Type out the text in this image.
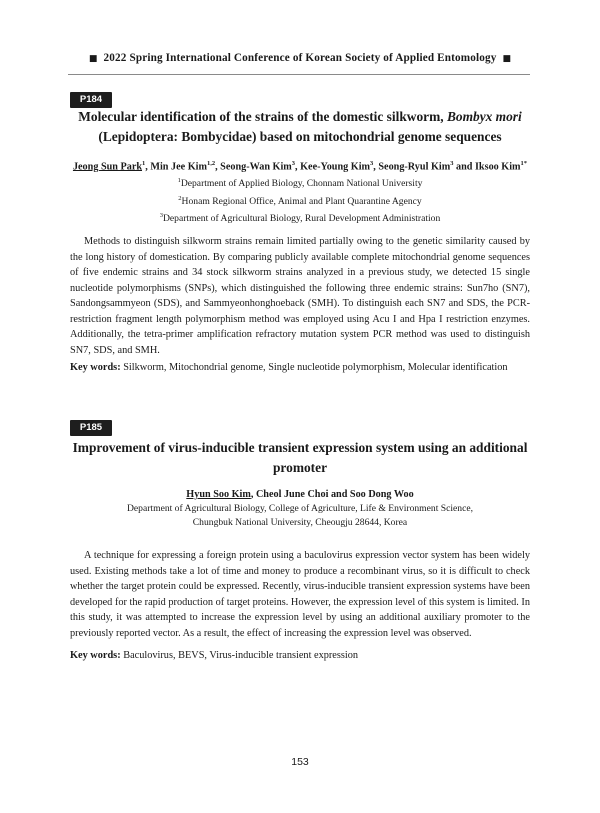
■ 2022 Spring International Conference of Korean Society of Applied Entomology ■
P184
Molecular identification of the strains of the domestic silkworm, Bombyx mori
(Lepidoptera: Bombycidae) based on mitochondrial genome sequences
Jeong Sun Park$^1$, Min Jee Kim$^{1,2}$, Seong-Wan Kim$^3$, Kee-Young Kim$^3$, Seong-Ryul Kim$^3$ and Iksoo Kim$^{1*}$
$^1$Department of Applied Biology, Chonnam National University
$^2$Honam Regional Office, Animal and Plant Quarantine Agency
$^3$Department of Agricultural Biology, Rural Development Administration
Methods to distinguish silkworm strains remain limited partially owing to the genetic similarity caused by the long history of domestication. By comparing publicly available complete mitochondrial genome sequences of five endemic strains and 34 stock silkworm strains analyzed in a previous study, we detected 15 single nucleotide polymorphisms (SNPs), which distinguished the following three endemic strains: Sun7ho (SN7), Sandongsammyeon (SDS), and Sammyeonhonghoeback (SMH). To distinguish each SN7 and SDS, the PCR-restriction fragment length polymorphism method was employed using Acu I and Hpa I restriction enzymes. Additionally, the tetra-primer amplification refractory mutation system PCR method was used to distinguish SN7, SDS, and SMH.
Key words: Silkworm, Mitochondrial genome, Single nucleotide polymorphism, Molecular identification
P185
Improvement of virus-inducible transient expression system using an additional
promoter
Hyun Soo Kim, Cheol June Choi and Soo Dong Woo
Department of Agricultural Biology, College of Agriculture, Life & Environment Science,
Chungbuk National University, Cheougju 28644, Korea
A technique for expressing a foreign protein using a baculovirus expression vector system has been widely used. Existing methods take a lot of time and money to produce a recombinant virus, so it is difficult to check whether the target protein could be expressed. Recently, virus-inducible transient expression systems have been developed for the rapid production of target proteins. However, the expression level of this system is limited. In this study, it was attempted to increase the expression level by using an additional auxiliary promoter to the previously reported vector. As a result, the effect of increasing the expression level was observed.
Key words: Baculovirus, BEVS, Virus-inducible transient expression
153
